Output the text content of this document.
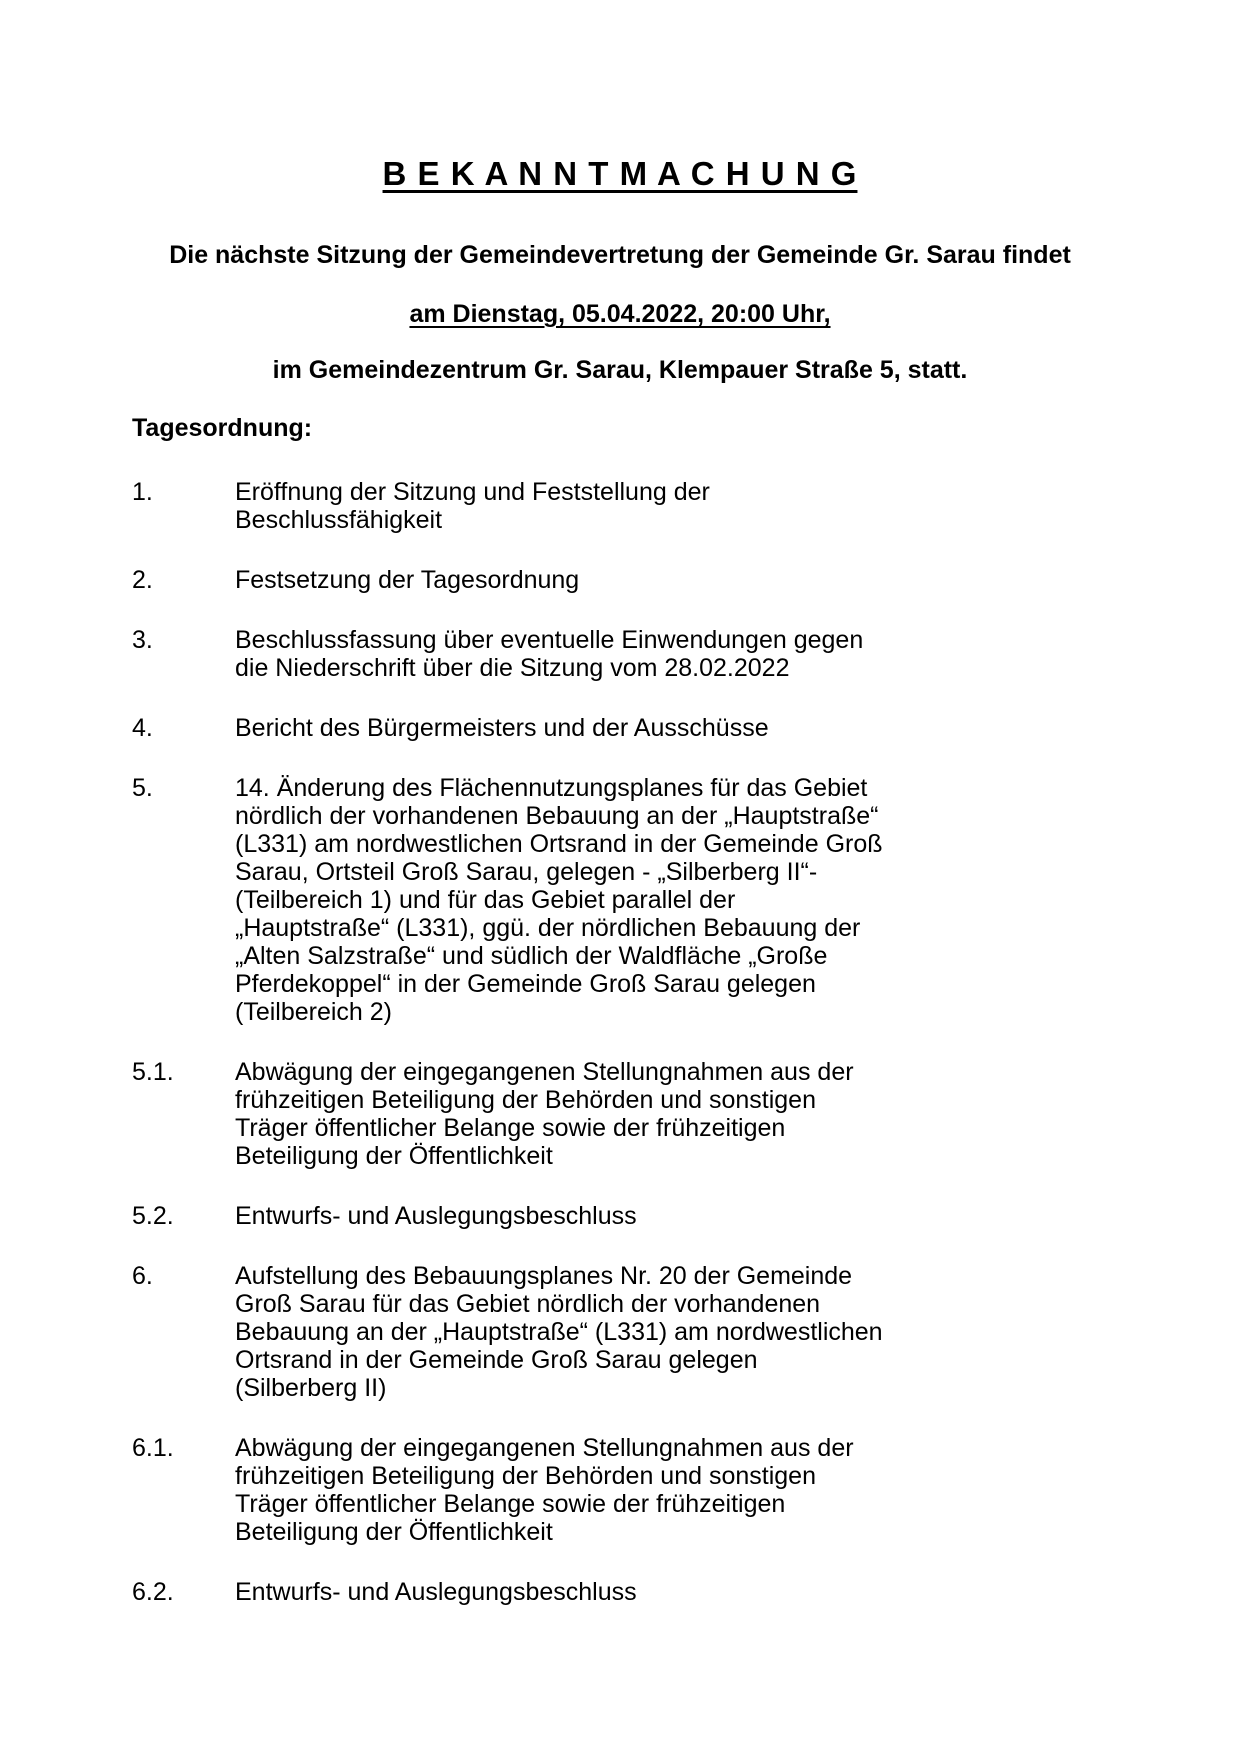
B E K A N N T M A C H U N G

Die nächste Sitzung der Gemeindevertretung der Gemeinde Gr. Sarau findet

am Dienstag, 05.04.2022, 20:00 Uhr,

im Gemeindezentrum Gr. Sarau, Klempauer Straße 5, statt.

Tagesordnung:
1.	Eröffnung der Sitzung und Feststellung der
Beschlussfähigkeit
2.	Festsetzung der Tagesordnung
3.	Beschlussfassung über eventuelle Einwendungen gegen
die Niederschrift über die Sitzung vom 28.02.2022
4.	Bericht des Bürgermeisters und der Ausschüsse
5.	14. Änderung des Flächennutzungsplanes für das Gebiet
nördlich der vorhandenen Bebauung an der „Hauptstraße“
(L331) am nordwestlichen Ortsrand in der Gemeinde Groß
Sarau, Ortsteil Groß Sarau, gelegen - „Silberberg II“-
(Teilbereich 1) und für das Gebiet parallel der
„Hauptstraße“ (L331), ggü. der nördlichen Bebauung der
„Alten Salzstraße“ und südlich der Waldfläche „Große
Pferdekoppel“ in der Gemeinde Groß Sarau gelegen
(Teilbereich 2)
5.1.	Abwägung der eingegangenen Stellungnahmen aus der
frühzeitigen Beteiligung der Behörden und sonstigen
Träger öffentlicher Belange sowie der frühzeitigen
Beteiligung der Öffentlichkeit
5.2.	Entwurfs- und Auslegungsbeschluss
6.	Aufstellung des Bebauungsplanes Nr. 20 der Gemeinde
Groß Sarau für das Gebiet nördlich der vorhandenen
Bebauung an der „Hauptstraße“ (L331) am nordwestlichen
Ortsrand in der Gemeinde Groß Sarau gelegen
(Silberberg II)
6.1.	Abwägung der eingegangenen Stellungnahmen aus der
frühzeitigen Beteiligung der Behörden und sonstigen
Träger öffentlicher Belange sowie der frühzeitigen
Beteiligung der Öffentlichkeit
6.2.	Entwurfs- und Auslegungsbeschluss
